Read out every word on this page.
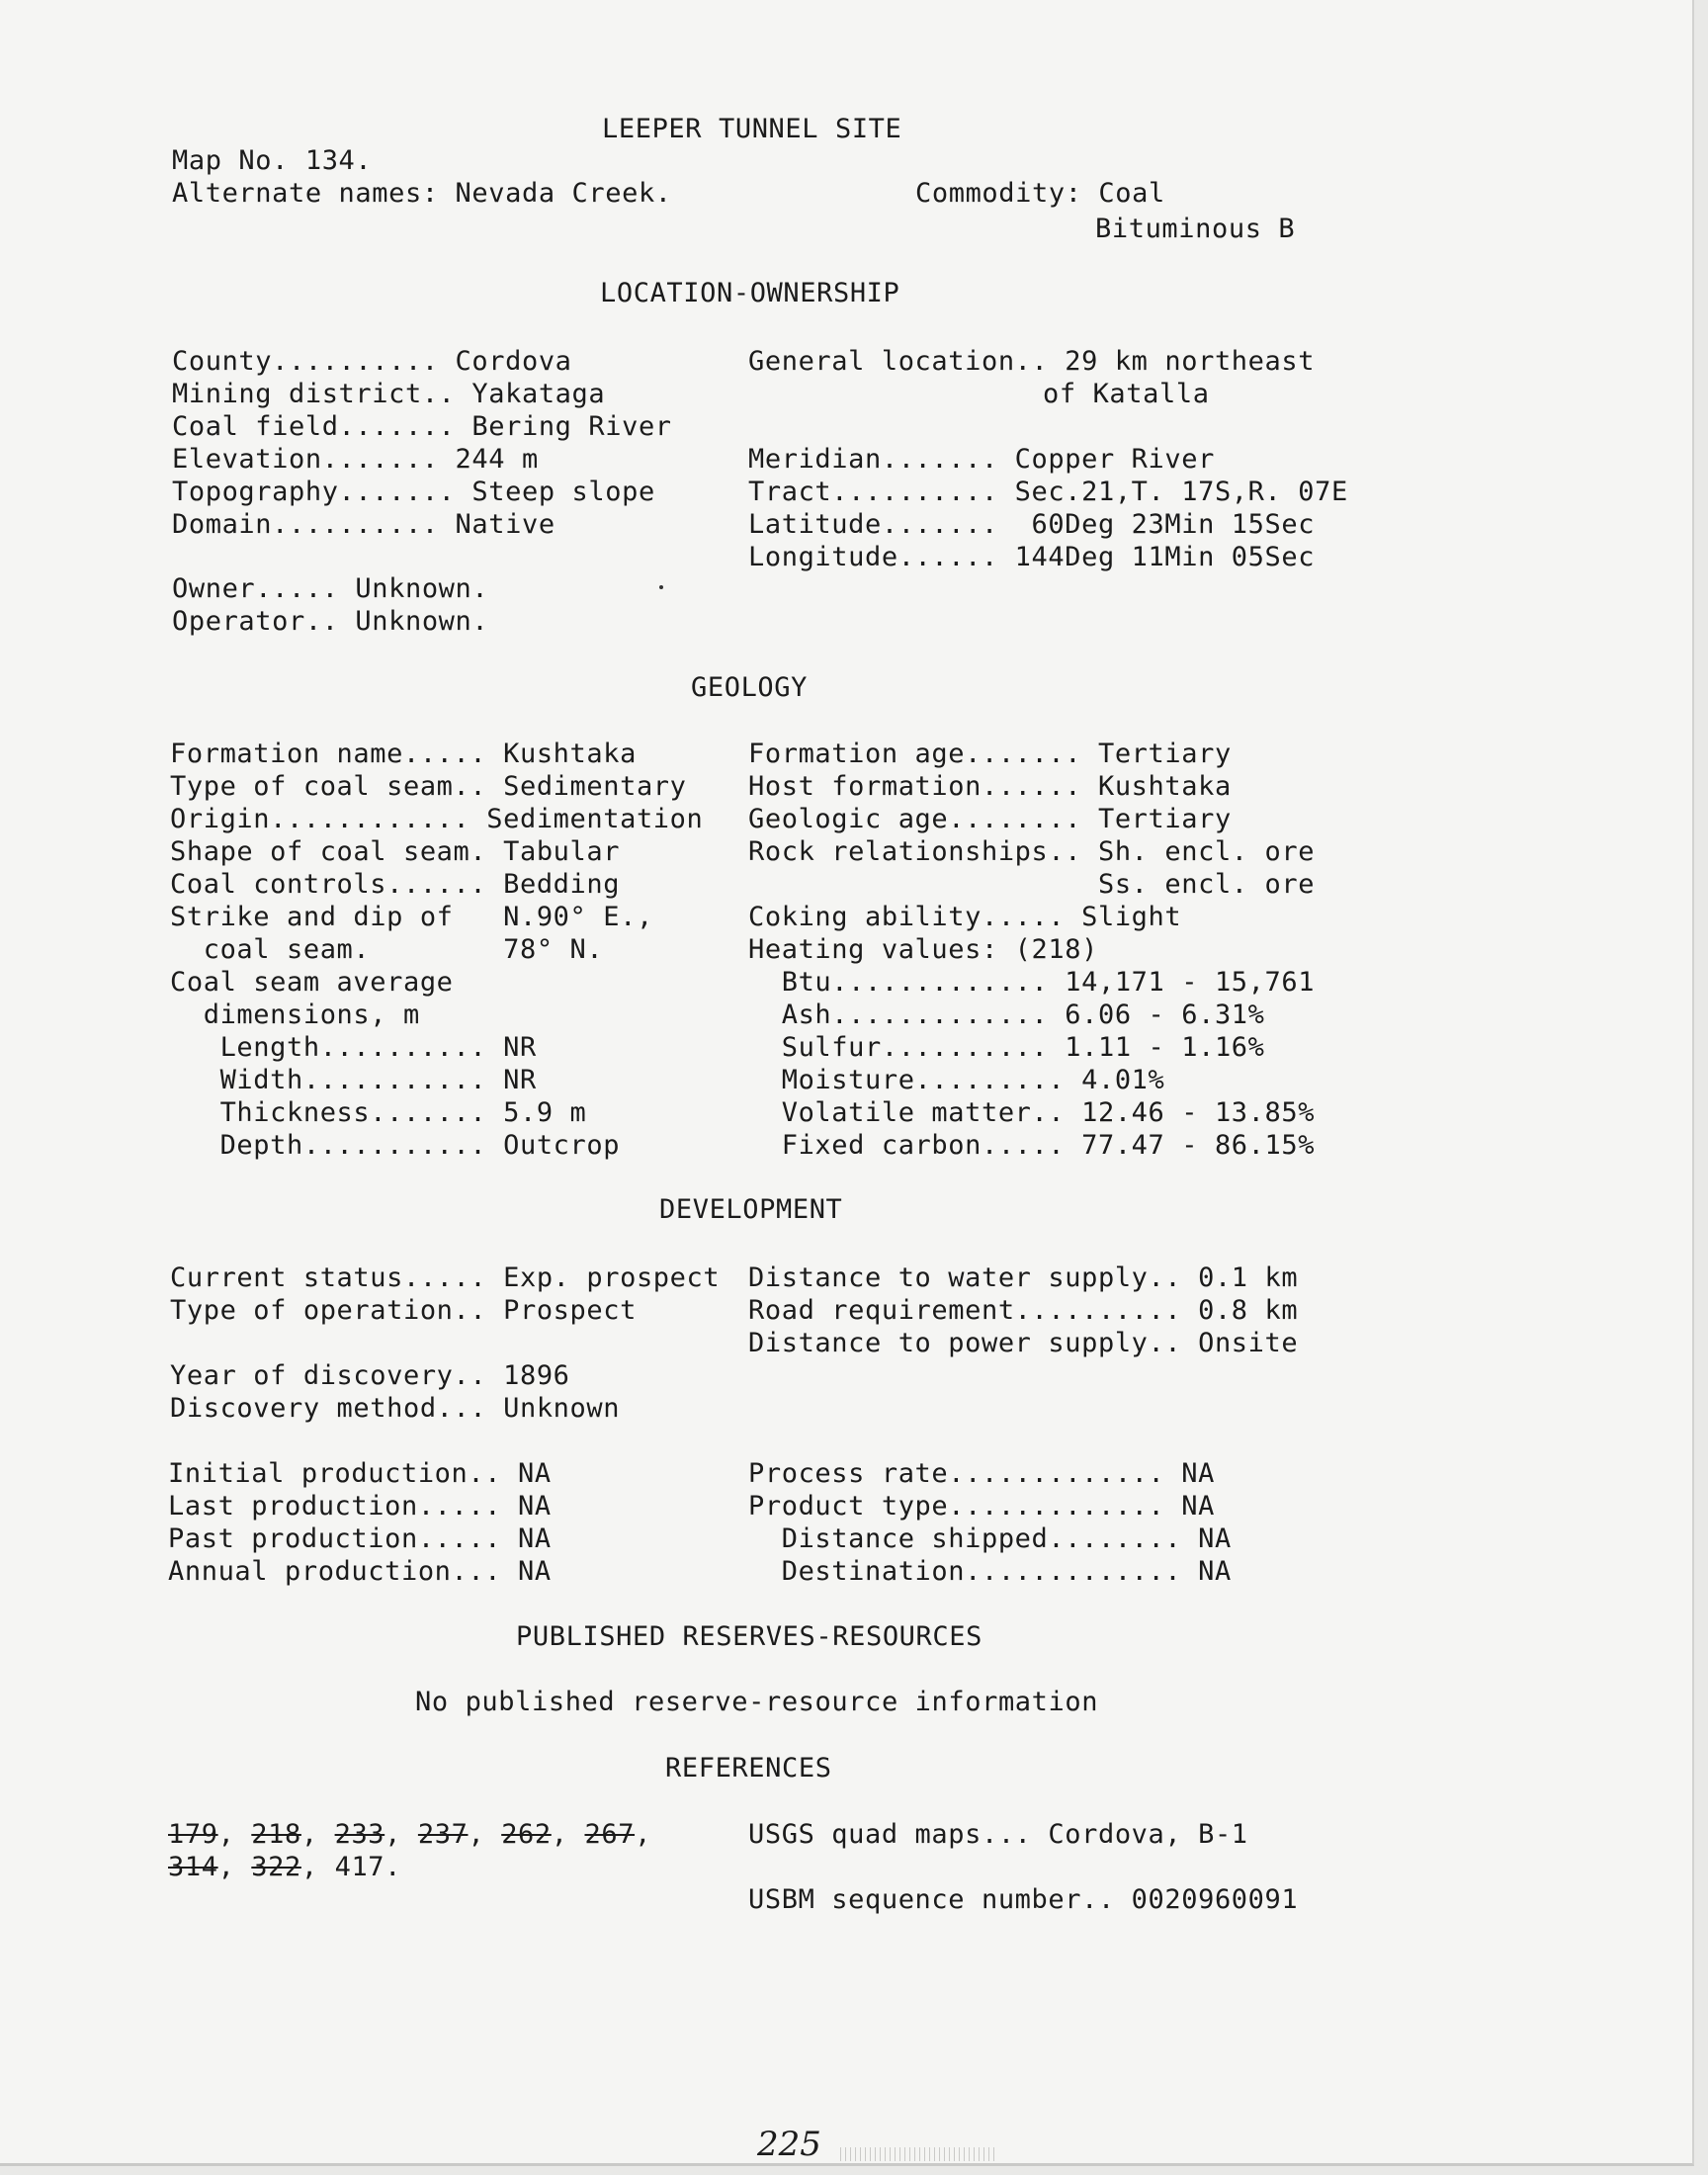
LEEPER TUNNEL SITE
Map No. 134.
Alternate names: Nevada Creek.	Commodity: Coal
Bituminous B
LOCATION-OWNERSHIP
County.......... Cordova
Mining district.. Yakataga
Coal field....... Bering River
Elevation....... 244 m
Topography....... Steep slope
Domain.......... Native
General location.. 29 km northeast
of Katalla
Meridian....... Copper River
Tract.......... Sec.21,T. 17S,R. 07E
Latitude.......  60Deg 23Min 15Sec
Longitude...... 144Deg 11Min 05Sec
Owner..... Unknown.
Operator.. Unknown.
GEOLOGY
Formation name..... Kushtaka
Type of coal seam.. Sedimentary
Origin............ Sedimentation
Shape of coal seam. Tabular
Coal controls...... Bedding
Strike and dip of   N.90° E.,
coal seam.        78° N.
Coal seam average
dimensions, m
Length.......... NR
Width........... NR
Thickness....... 5.9 m
Depth........... Outcrop
Formation age....... Tertiary
Host formation...... Kushtaka
Geologic age........ Tertiary
Rock relationships.. Sh. encl. ore
Ss. encl. ore
Coking ability..... Slight
Heating values: (218)
Btu............. 14,171 - 15,761
Ash............. 6.06 - 6.31%
Sulfur.......... 1.11 - 1.16%
Moisture......... 4.01%
Volatile matter.. 12.46 - 13.85%
Fixed carbon..... 77.47 - 86.15%
DEVELOPMENT
Current status..... Exp. prospect
Type of operation.. Prospect
Distance to water supply.. 0.1 km
Road requirement.......... 0.8 km
Distance to power supply.. Onsite
Year of discovery.. 1896
Discovery method... Unknown
Initial production.. NA
Last production..... NA
Past production..... NA
Annual production... NA
Process rate............. NA
Product type............. NA
Distance shipped........ NA
Destination............. NA
PUBLISHED RESERVES-RESOURCES
No published reserve-resource information
REFERENCES
179, 218, 233, 237, 262, 267,
314, 322, 417.
USGS quad maps... Cordova, B-1
USBM sequence number.. 0020960091
225
